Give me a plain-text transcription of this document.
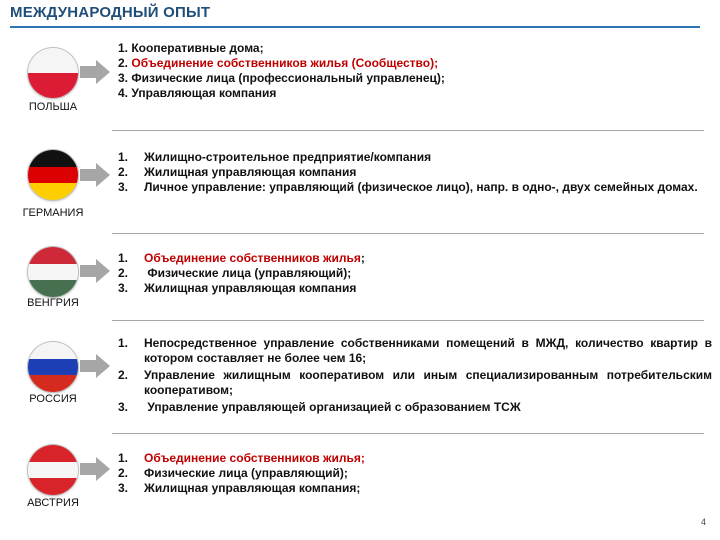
МЕЖДУНАРОДНЫЙ ОПЫТ
ПОЛЬША
1. Кооперативные дома;
2. Объединение собственников жилья (Сообщество);
3. Физические лица (профессиональный управленец);
4. Управляющая компания
ГЕРМАНИЯ
1. Жилищно-строительное предприятие/компания
2. Жилищная управляющая компания
3. Личное управление: управляющий (физическое лицо), напр. в одно-, двух семейных домах.
ВЕНГРИЯ
1. Объединение собственников жилья;
2. Физические лица (управляющий);
3. Жилищная управляющая компания
РОССИЯ
1. Непосредственное управление собственниками помещений в МЖД, количество квартир в котором составляет не более чем 16;
2. Управление жилищным кооперативом или иным специализированным потребительским кооперативом;
3. Управление управляющей организацией с образованием ТСЖ
АВСТРИЯ
1. Объединение собственников жилья;
2. Физические лица (управляющий);
3. Жилищная управляющая компания;
4
